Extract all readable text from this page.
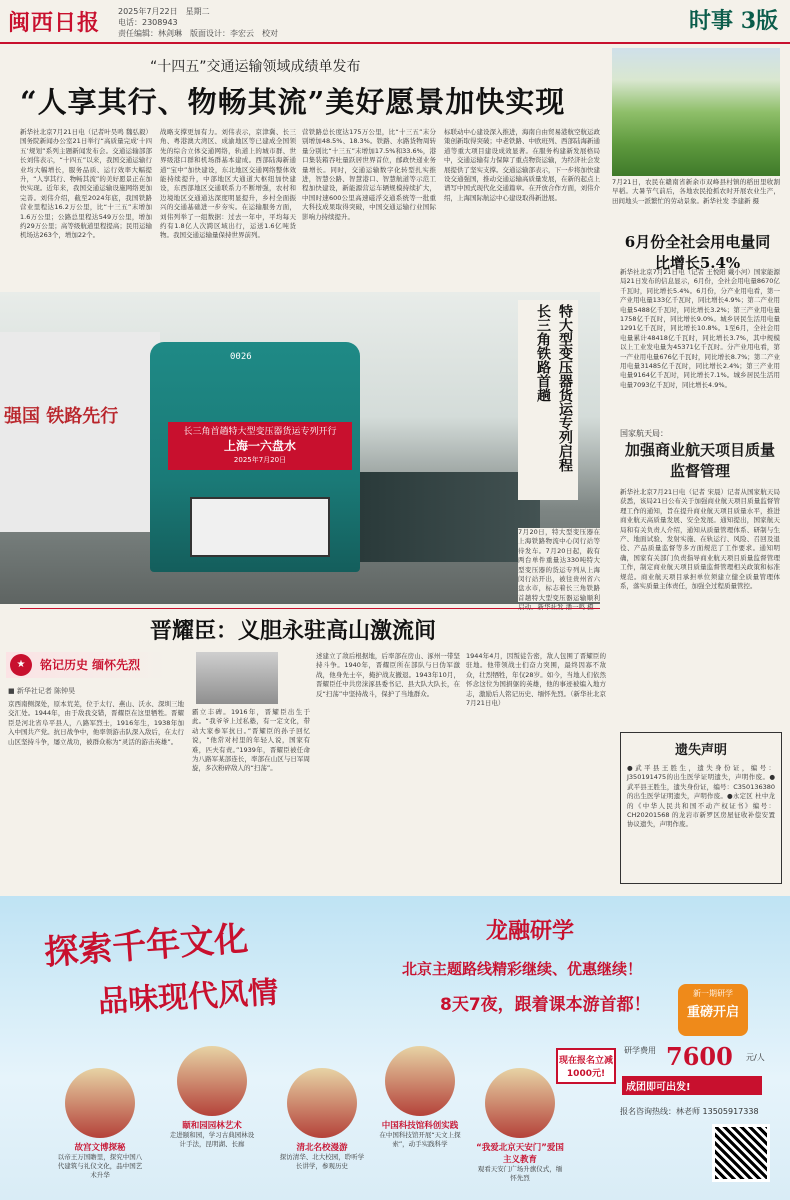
闽西日报 2025年7月22日　星期二
电话：2308943
责任编辑：林剑琳　版面设计：李宏云　校对	时事 3版
“十四五”交通运输领域成绩单发布
“人享其行、物畅其流”美好愿景加快实现
新华社北京7月21日电（记者叶昊鸣 魏弘毅）国务院新闻办公室21日举行“高质量完成‘十四五’规划”系列主题新闻发布会。交通运输部部长刘伟表示，“十四五”以来，我国交通运输行业均大幅增长，服务品质、运行效率大幅提升，“人享其行、物畅其流”的美好愿景正在加快实现。近年来，我国交通运输设施网络更加完善。刘伟介绍，截至2024年底，我国铁路营业里程达16.2万公里，比“十三五”末增加1.6万公里；公路总里程达549万公里，增加约29万公里；高等级航道里程提高；民用运输机场达263个，增加22个。
战略支撑更加有力。刘伟表示，京津冀、长三角、粤港澳大湾区、成渝地区等已建成全国领先的综合立体交通网络，轨道上的城市群、世界级港口群和机场群基本建成。西部陆海新通道“宝中”加快建设，东北地区交通网络整体效能持续提升，中部地区大通道大枢纽加快建设，东西部地区交通联系力不断增强，农村和边境地区交通通达深度明显提升，乡村全面振兴的交通基础进一步夯实。在运输服务方面，刘伟列举了一组数据：过去一年中，平均每天约有1.8亿人次跨区域出行，运送1.6亿吨货物。我国交通运输量保持世界前列。
营铁路总长度达175万公里，比“十三五”末分别增加48.5%、18.3%。铁路、水路货物周转量分别比“十三五”末增加17.5%和33.6%，港口集装箱吞吐量跃居世界首位，邮政快递业务量增长。同时，交通运输数字化转型扎实推进，智慧公路、智慧港口、智慧航道等示范工程加快建设，新能源营运车辆规模持续扩大，中国时速600公里高速磁浮交通系统等一批重大科技成果取得突破，中国交通运输行业国际影响力持续提升。
标联动中心建设深入推进，海南自由贸易港航空航运政策创新取得突破；中老铁路、中欧班列、西部陆海新通道等重大项目建设成效显著。在服务构建新发展格局中，交通运输有力保障了重点物资运输，为经济社会发展提供了坚实支撑。交通运输部表示，下一步将加快建设交通强国，推动交通运输高质量发展，在新的起点上谱写中国式现代化交通篇章。在开放合作方面，刘伟介绍，上海国际航运中心建设取得新进展。
7月21日，农民在赣南省新余市双峰县村镇的稻田里收割早稻。大暑节气前后，各地农民抢抓农时开展农业生产，田间地头一派繁忙的劳动景象。新华社发 李建新 摄
6月份全社会用电量同比增长5.4%
新华社北京7月21日电（记者 王悦阳 戴小河）国家能源局21日发布的信息显示，6月份，全社会用电量8670亿千瓦时，同比增长5.4%。6月份，分产业用电看，第一产业用电量133亿千瓦时，同比增长4.9%；第二产业用电量5488亿千瓦时，同比增长3.2%；第三产业用电量1758亿千瓦时，同比增长9.0%。城乡居民生活用电量1291亿千瓦时，同比增长10.8%。1至6月，全社会用电量累计48418亿千瓦时，同比增长3.7%，其中规模以上工业发电量为45371亿千瓦时。分产业用电看，第一产业用电量676亿千瓦时，同比增长8.7%；第二产业用电量31485亿千瓦时，同比增长2.4%；第三产业用电量9164亿千瓦时，同比增长7.1%。城乡居民生活用电量7093亿千瓦时，同比增长4.9%。
强国 铁路先行
0026
长三角首趟特大型变压器货运专列开行
上海一六盘水
2025年7月20日	特大型变压器货运专列启程
长三角铁路首趟
7月20日，特大型变压器在上海铁路物流中心闵行站等待发车。7月20日起，载有两台单件重量达330吨特大型变压器的货运专列从上海闵行站开出，被往贵州省六盘水市，标志着长三角铁路首趟特大型变压器运输顺利
国家航天局：
加强商业航天项目质量监督管理
新华社北京7月21日电（记者 宋晨）记者从国家航天局获悉，该局21日公布关于加强商业航天项目质量监督管理工作的通知，旨在提升商业航天项目质量水平，推进商业航天高质量发展、安全发展。通知提出，国家航天局和有关负责人介绍，通知从质量管理体系、研制与生产、地面试验、发射实施、在轨运行、风险、召回及退役、产品质量监督等多方面规范了工作要求。通知明确，国家有关部门负责指导商业航天项目质量监督管理工作，制定商业航天项目质量监督管理相关政策和标准规范。商业航天项目承担单位须建立健全质量管理体系，落实质量主体责任，加强全过程质量管控。
晋耀臣：义胆永驻高山激流间
★	铭记历史 缅怀先烈
■ 新华社记者 陈钟昊
京西南侧深处，原本荒芜，位于太行、燕山、沃水、深圳三地交汇处。1944年，由于敌我交错，晋耀臣在这里牺牲。晋耀臣是河北省阜平县人，八路军烈士，1916年生，1938年加入中国共产党。抗日战争中，他率领游击队深入敌后，在太行山区坚持斗争，屡立战功，被群众称为“灵活的游击英雄”。
霸立丰碑。1916年，晋耀臣出生于此。“我爷爷上过私塾，有一定文化，带动大家参军抗日。”晋耀臣的孙子回忆说，“他常对村里的年轻人说，国家有难，匹夫有责。”1939年，晋耀臣被任命为八路军某部连长，率部在山区与日军周旋，多次粉碎敌人的“扫荡”。
述建立了敌后根据地，后率部在房山、涿州一带坚持斗争。1940年，晋耀臣所在部队与日伪军激战，他身先士卒，掩护战友撤退。1943年10月，晋耀臣任中共房涞涿县委书记、县大队大队长，在反“扫荡”中坚持战斗，保护了当地群众。
1944年4月，因叛徒告密，敌人包围了晋耀臣的驻地。他带领战士们奋力突围，最终因寡不敌众，壮烈牺牲，年仅28岁。如今，当地人们依然怀念这位为国捐躯的英雄，他的事迹被编入地方志，激励后人铭记历史、缅怀先烈。（新华社北京7月21日电）
遗失声明
●武平县王胜生，遗失身份证，编号：J350191475的出生医学证明遗失，声明作废。●武平县王胜生，遗失身份证，编号：C350136380的出生医学证明遗失，声明作废。●永定区 杜中龙的《中华人民共和国不动产权证书》编号：CH20201568 的龙岩市新罗区房屋征收补偿安置协议遗失，声明作废。
探索千年文化
品味现代风情
龙融研学
北京主题路线精彩继续、优惠继续！
8天7夜，跟着课本游首都！
新一期研学
重磅开启
现在报名立减1000元!
研学费用 7600 元/人
成团即可出发!
报名咨询热线：林老师 13505917338
故宫文博探秘
以帝王万国瞻里，探究中国八代建筑与礼仪文化，品中国艺术升华
颐和园园林艺术
走进颐和园，学习古典园林设计手法，昆明湖、长廊	清北名校漫游
探访清华、北大校园，聆听学长讲学，参观历史
中国科技馆科创实践
在中国科技馆开展“天文上探索”，动手实践科学	“我爱北京天安门”爱国主义教育
观看天安门广场升旗仪式，缅怀先烈
